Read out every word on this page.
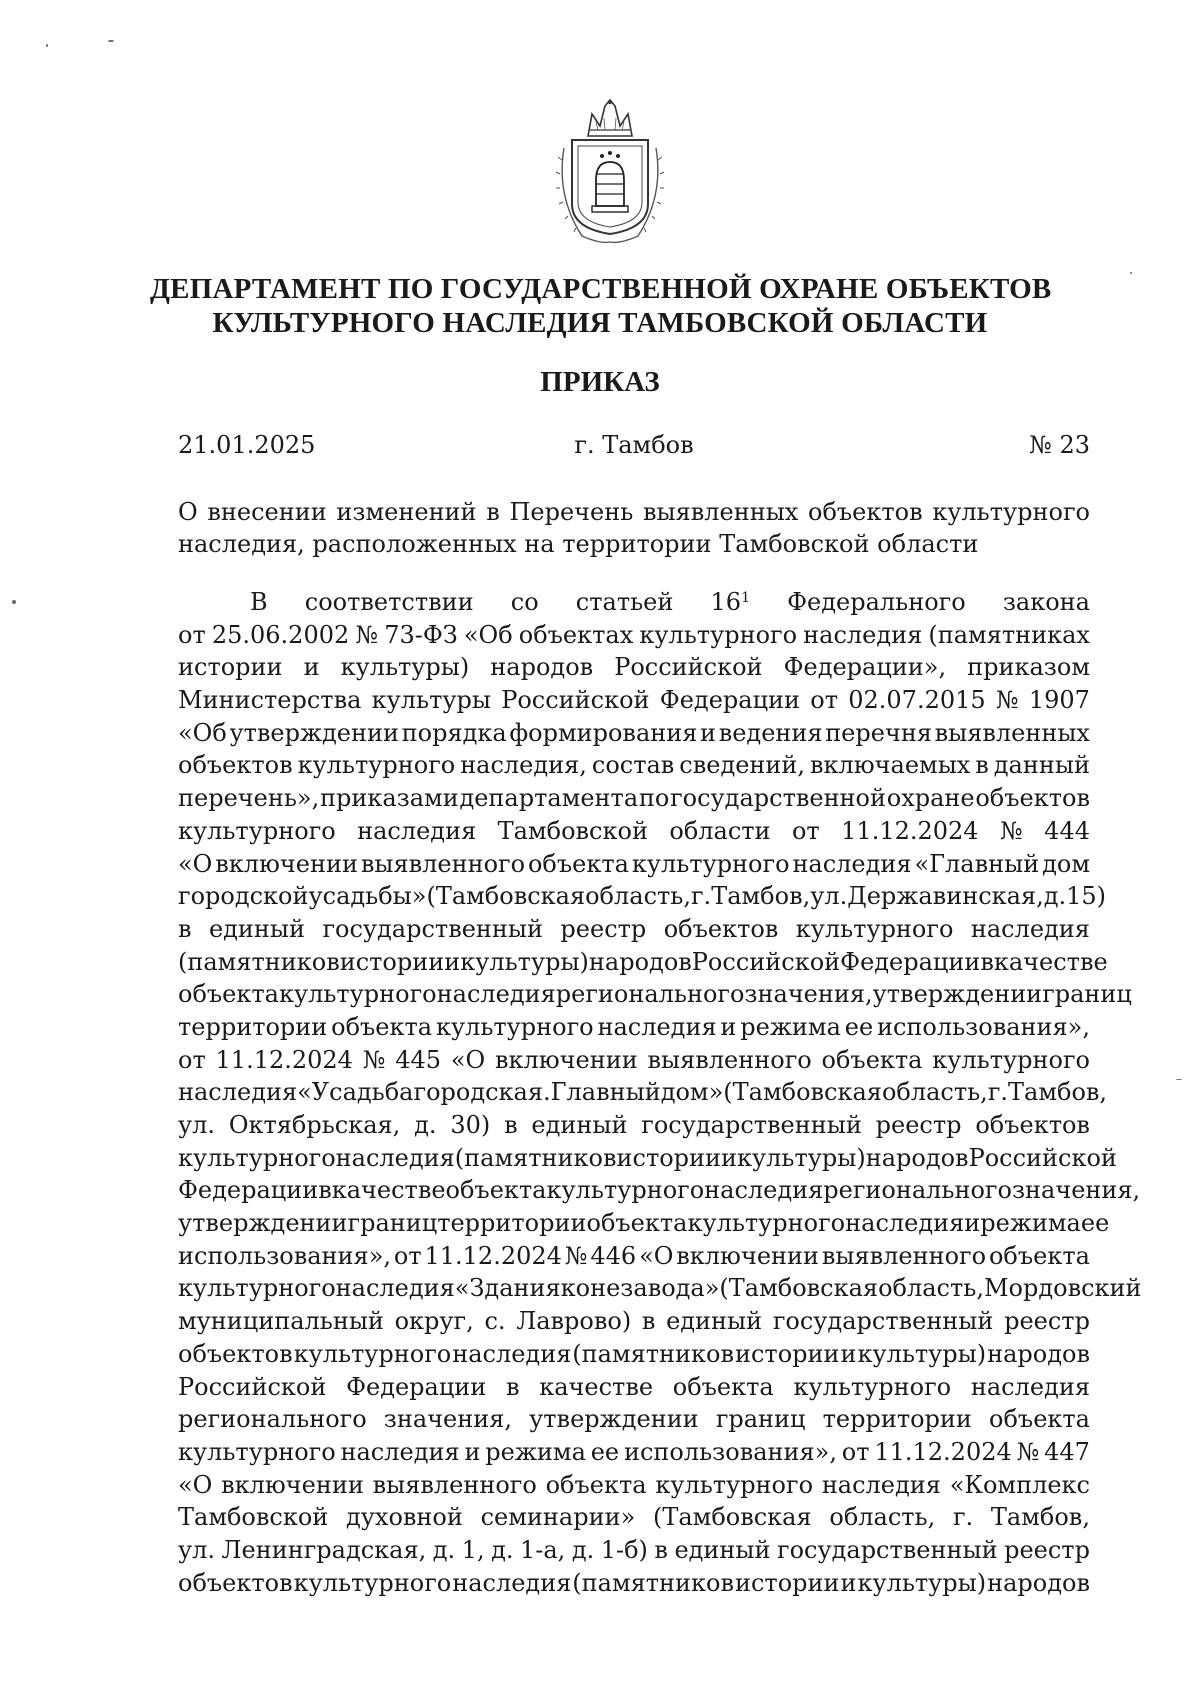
ДЕПАРТАМЕНТ ПО ГОСУДАРСТВЕННОЙ ОХРАНЕ ОБЪЕКТОВ
КУЛЬТУРНОГО НАСЛЕДИЯ ТАМБОВСКОЙ ОБЛАСТИ
ПРИКАЗ
21.01.2025	г. Тамбов	№ 23
О внесении изменений в Перечень выявленных объектов культурного
наследия, расположенных на территории Тамбовской области
В соответствии со статьей $16^1$ Федерального закона
от 25.06.2002 № 73-ФЗ «Об объектах культурного наследия (памятниках
истории и культуры) народов Российской Федерации», приказом
Министерства культуры Российской Федерации от 02.07.2015 № 1907
«Об утверждении порядка формирования и ведения перечня выявленных
объектов культурного наследия, состав сведений, включаемых в данный
перечень», приказами департамента по государственной охране объектов
культурного наследия Тамбовской области от 11.12.2024 № 444
«О включении выявленного объекта культурного наследия «Главный дом
городской усадьбы» (Тамбовская область, г. Тамбов, ул. Державинская, д. 15)
в единый государственный реестр объектов культурного наследия
(памятников истории и культуры) народов Российской Федерации в качестве
объекта культурного наследия регионального значения, утверждении границ
территории объекта культурного наследия и режима ее использования»,
от 11.12.2024 № 445 «О включении выявленного объекта культурного
наследия «Усадьба городская. Главный дом» (Тамбовская область, г. Тамбов,
ул. Октябрьская, д. 30) в единый государственный реестр объектов
культурного наследия (памятников истории и культуры) народов Российской
Федерации в качестве объекта культурного наследия регионального значения,
утверждении границ территории объекта культурного наследия и режима ее
использования», от 11.12.2024 № 446 «О включении выявленного объекта
культурного наследия «Здания конезавода» (Тамбовская область, Мордовский
муниципальный округ, с. Лаврово) в единый государственный реестр
объектов культурного наследия (памятников истории и культуры) народов
Российской Федерации в качестве объекта культурного наследия
регионального значения, утверждении границ территории объекта
культурного наследия и режима ее использования», от 11.12.2024 № 447
«О включении выявленного объекта культурного наследия «Комплекс
Тамбовской духовной семинарии» (Тамбовская область, г. Тамбов,
ул. Ленинградская, д. 1, д. 1-а, д. 1-б) в единый государственный реестр
объектов культурного наследия (памятников истории и культуры) народов
